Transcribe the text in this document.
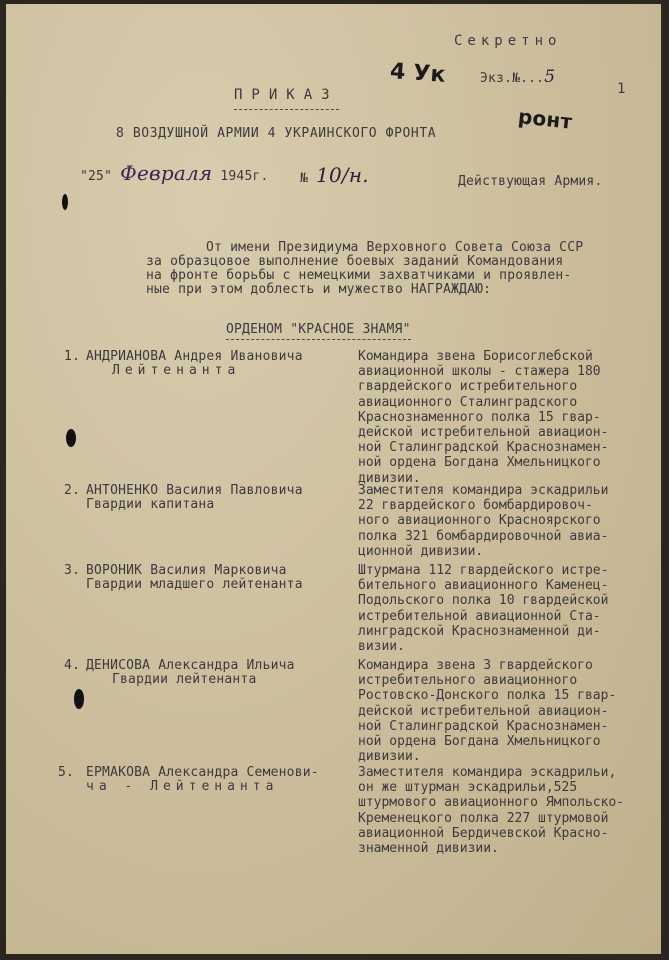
Секретно
Экз.№...5
1
4 Ук
ронт
ПРИКАЗ
8 ВОЗДУШНОЙ АРМИИ 4 УКРАИНСКОГО ФРОНТА
"25" Февраля 1945г. № 10/н.	Действующая Армия.
От имени Президиума Верховного Совета Союза ССР
за образцовое выполнение боевых заданий Командования
на фронте борьбы с немецкими захватчиками и проявлен-
ные при этом доблесть и мужество НАГРАЖДАЮ:
ОРДЕНОМ "КРАСНОЕ ЗНАМЯ"
1. АНДРИАНОВА Андрея Ивановича
Лейтенанта
Командира звена Борисоглебской
авиационной школы - стажера 180
гвардейского истребительного
авиационного Сталинградского
Краснознаменного полка 15 гвар-
дейской истребительной авиацион-
ной Сталинградской Краснознамен-
ной ордена Богдана Хмельницкого
дивизии.
2. АНТОНЕНКО Василия Павловича
Гвардии капитана
Заместителя командира эскадрильи
22 гвардейского бомбардировоч-
ного авиационного Красноярского
полка 321 бомбардировочной авиа-
ционной дивизии.
3. ВОРОНИК Василия Марковича
Гвардии младшего лейтенанта
Штурмана 112 гвардейского истре-
бительного авиационного Каменец-
Подольского полка 10 гвардейской
истребительной авиационной Ста-
линградской Краснознаменной ди-
визии.
4. ДЕНИСОВА Александра Ильича
Гвардии лейтенанта
Командира звена 3 гвардейского
истребительного авиационного
Ростовско-Донского полка 15 гвар-
дейской истребительной авиацион-
ной Сталинградской Краснознамен-
ной ордена Богдана Хмельницкого
дивизии.
5. ЕРМАКОВА Александра Семенови-
ча - Лейтенанта
Заместителя командира эскадрильи,
он же штурман эскадрильи,525
штурмового авиационного Ямпольско-
Кременецкого полка 227 штурмовой
авиационной Бердичевской Красно-
знаменной дивизии.
